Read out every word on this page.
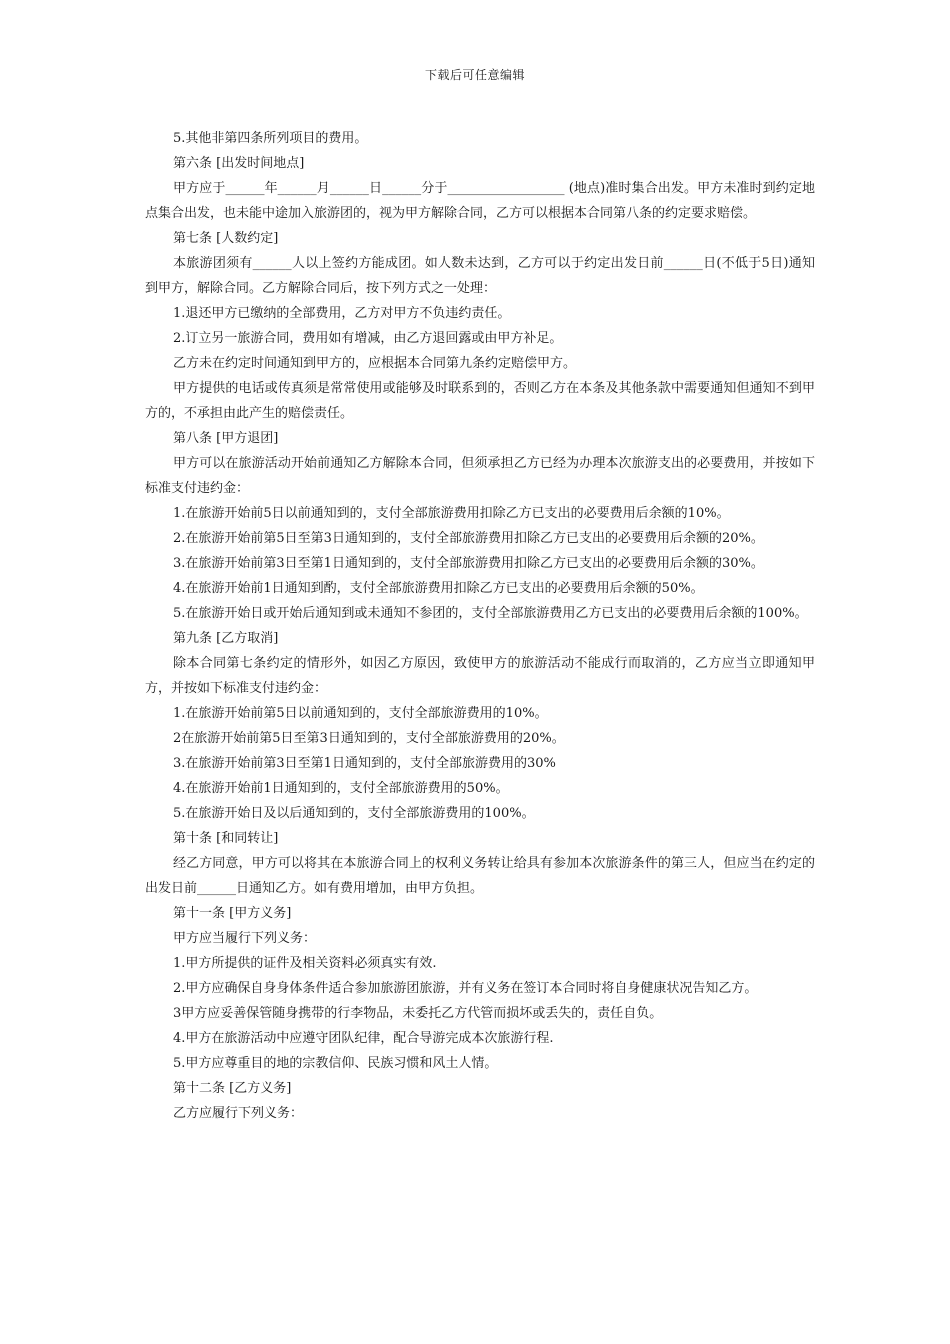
下载后可任意编辑

5.其他非第四条所列项目的费用。

第六条 [出发时间地点]

甲方应于______年______月______日______分于__________________ (地点)准时集合出发。甲方未准时到约定地点集合出发，也未能中途加入旅游团的，视为甲方解除合同，乙方可以根据本合同第八条的约定要求赔偿。

第七条 [人数约定]

本旅游团须有______人以上签约方能成团。如人数未达到，乙方可以于约定出发日前______日(不低于5日)通知到甲方，解除合同。乙方解除合同后，按下列方式之一处理：

1.退还甲方已缴纳的全部费用，乙方对甲方不负违约责任。

2.订立另一旅游合同，费用如有增减，由乙方退回露或由甲方补足。

乙方未在约定时间通知到甲方的，应根据本合同第九条约定赔偿甲方。

甲方提供的电话或传真须是常常使用或能够及时联系到的，否则乙方在本条及其他条款中需要通知但通知不到甲方的，不承担由此产生的赔偿责任。

第八条 [甲方退团]

甲方可以在旅游活动开始前通知乙方解除本合同，但须承担乙方已经为办理本次旅游支出的必要费用，并按如下标准支付违约金：

1.在旅游开始前5日以前通知到的，支付全部旅游费用扣除乙方已支出的必要费用后余额的10%。

2.在旅游开始前第5日至第3日通知到的，支付全部旅游费用扣除乙方已支出的必要费用后余额的20%。

3.在旅游开始前第3日至第1日通知到的，支付全部旅游费用扣除乙方已支出的必要费用后余额的30%。

4.在旅游开始前1日通知到酌，支付全部旅游费用扣除乙方已支出的必要费用后余额的50%。

5.在旅游开始日或开始后通知到或未通知不参团的，支付全部旅游费用乙方已支出的必要费用后余额的100%。

第九条 [乙方取消]

除本合同第七条约定的情形外，如因乙方原因，致使甲方的旅游活动不能成行而取消的，乙方应当立即通知甲方，并按如下标准支付违约金：

1.在旅游开始前第5日以前通知到的，支付全部旅游费用的10%。

2在旅游开始前第5日至第3日通知到的，支付全部旅游费用的20%。

3.在旅游开始前第3日至第1日通知到的，支付全部旅游费用的30%

4.在旅游开始前1日通知到的，支付全部旅游费用的50%。

5.在旅游开始日及以后通知到的，支付全部旅游费用的100%。

第十条 [和同转让]

经乙方同意，甲方可以将其在本旅游合同上的权利义务转让给具有参加本次旅游条件的第三人，但应当在约定的出发日前______日通知乙方。如有费用增加，由甲方负担。

第十一条 [甲方义务]

甲方应当履行下列义务：

1.甲方所提供的证件及相关资料必须真实有效.

2.甲方应确保自身身体条件适合参加旅游团旅游，并有义务在签订本合同时将自身健康状况告知乙方。

3甲方应妥善保管随身携带的行李物品，未委托乙方代管而损坏或丢失的，责任自负。

4.甲方在旅游活动中应遵守团队纪律，配合导游完成本次旅游行程.

5.甲方应尊重目的地的宗教信仰、民族习惯和风土人情。

第十二条 [乙方义务]

乙方应履行下列义务：
